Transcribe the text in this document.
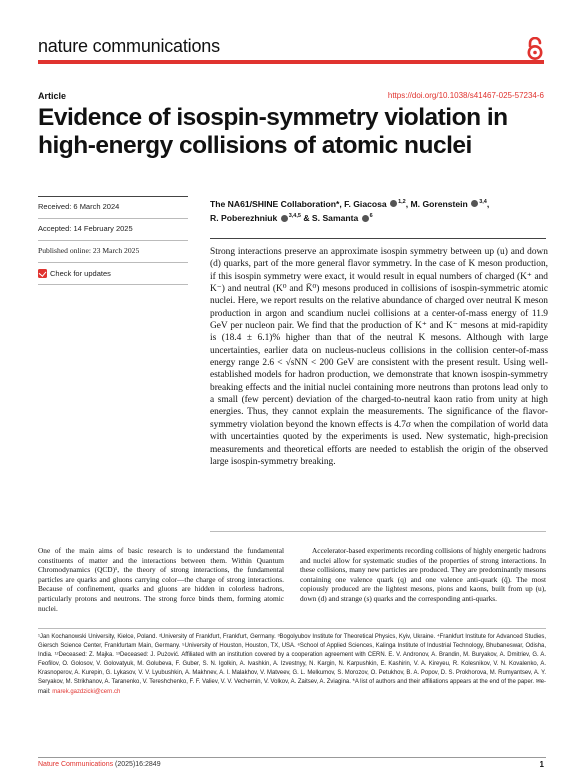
nature communications
Article	https://doi.org/10.1038/s41467-025-57234-6
Evidence of isospin-symmetry violation in high-energy collisions of atomic nuclei
Received: 6 March 2024
Accepted: 14 February 2025
Published online: 23 March 2025
Check for updates
The NA61/SHINE Collaboration*, F. Giacosa $^{1,2}$, M. Gorenstein $^{3,4}$,
R. Poberezhniuk $^{3,4,5}$ & S. Samanta $^6$

Strong interactions preserve an approximate isospin symmetry between up (u) and down (d) quarks, part of the more general flavor symmetry. In the case of K meson production, if this isospin symmetry were exact, it would result in equal numbers of charged (K⁺ and K⁻) and neutral (K⁰ and K̄⁰) mesons produced in collisions of isospin-symmetric atomic nuclei. Here, we report results on the relative abundance of charged over neutral K meson production in argon and scandium nuclei collisions at a center-of-mass energy of 11.9 GeV per nucleon pair. We find that the production of K⁺ and K⁻ mesons at mid-rapidity is (18.4 ± 6.1)% higher than that of the neutral K mesons. Although with large uncertainties, earlier data on nucleus-nucleus collisions in the collision center-of-mass energy range 2.6 < √sNN < 200 GeV are consistent with the present result. Using well-established models for hadron production, we demonstrate that known isospin-symmetry breaking effects and the initial nuclei containing more neutrons than protons lead only to a small (few percent) deviation of the charged-to-neutral kaon ratio from unity at high energies. Thus, they cannot explain the measurements. The significance of the flavor-symmetry violation beyond the known effects is 4.7σ when the compilation of world data with uncertainties quoted by the experiments is used. New systematic, high-precision measurements and theoretical efforts are needed to establish the origin of the observed large isospin-symmetry breaking.

One of the main aims of basic research is to understand the fundamental constituents of matter and the interactions between them. Within Quantum Chromodynamics (QCD)¹, the theory of strong interactions, the fundamental particles are quarks and gluons carrying color—the charge of strong interactions. Because of confinement, quarks and gluons are hidden in colorless hadrons, particularly protons and neutrons. The strong force binds them, forming atomic nuclei.

Accelerator-based experiments recording collisions of highly energetic hadrons and nuclei allow for systematic studies of the properties of strong interactions. In these collisions, many new particles are produced. They are predominantly mesons containing one valence quark (q) and one valence anti-quark (q̄). The most copiously produced are the lightest mesons, pions and kaons, built from up (u), down (d) and strange (s) quarks and the corresponding anti-quarks.

¹Jan Kochanowski University, Kielce, Poland. ²University of Frankfurt, Frankfurt, Germany. ³Bogolyubov Institute for Theoretical Physics, Kyiv, Ukraine. ⁴Frankfurt Institute for Advanced Studies, Giersch Science Center, Frankfurtam Main, Germany. ⁵University of Houston, Houston, TX, USA. ⁶School of Applied Sciences, Kalinga Institute of Industrial Technology, Bhubaneswar, Odisha, India. ¹²Deceased: Z. Majka. ¹³Deceased: J. Pużović. Affiliated with an institution covered by a cooperation agreement with CERN. E. V. Andronov, A. Brandin, M. Buryakov, A. Dmitriev, G. A. Feofilov, O. Golosov, V. Golovatyuk, M. Golubeva, F. Guber, S. N. Igolkin, A. Ivashkin, A. Izvestnyy, N. Kargin, N. Karpushkin, E. Kashirin, V. A. Kireyeu, R. Kolesnikov, V. N. Kovalenko, A. Krasnoperov, A. Kurepin, G. Lykasov, V. V. Lyubushkin, A. Makhnev, A. I. Malakhov, V. Matveev, G. L. Melkumov, S. Morozov, O. Petukhov, B. A. Popov, D. S. Prokhorova, M. Rumyantsev, A. Y. Seryakov, M. Strikhanov, A. Taranenko, V. Tereshchenko, F. F. Valiev, V. V. Vechernin, V. Volkov, A. Zaitsev, A. Zviagina. *A list of authors and their affiliations appears at the end of the paper. ✉e-mail: marek.gazdzicki@cern.ch

Nature Communications (2025)16:2849	1
